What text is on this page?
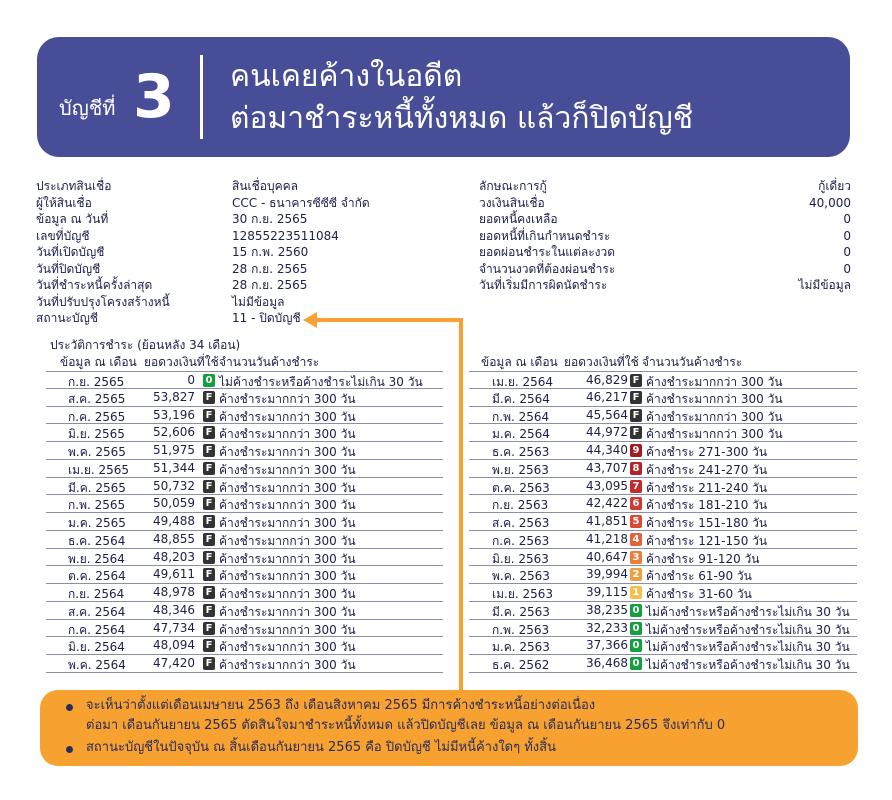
บัญชีที่ 3 คนเคยค้างในอดีต
ต่อมาชำระหนี้ทั้งหมด แล้วก็ปิดบัญชี
ประเภทสินเชื่อ	สินเชื่อบุคคล
ผู้ให้สินเชื่อ	CCC - ธนาคารซีซีซี จำกัด
ข้อมูล ณ วันที่	30 ก.ย. 2565
เลขที่บัญชี	12855223511084
วันที่เปิดบัญชี	15 ก.พ. 2560
วันที่ปิดบัญชี	28 ก.ย. 2565
วันที่ชำระหนี้ครั้งล่าสุด	28 ก.ย. 2565
วันที่ปรับปรุงโครงสร้างหนี้	ไม่มีข้อมูล
สถานะบัญชี	11 - ปิดบัญชี
ลักษณะการกู้	กู้เดี่ยว
วงเงินสินเชื่อ	40,000
ยอดหนี้คงเหลือ	0
ยอดหนี้ที่เกินกำหนดชำระ	0
ยอดผ่อนชำระในแต่ละงวด	0
จำนวนงวดที่ต้องผ่อนชำระ	0
วันที่เริ่มมีการผิดนัดชำระ	ไม่มีข้อมูล
ประวัติการชำระ (ย้อนหลัง 34 เดือน)
ข้อมูล ณ เดือน ยอดวงเงินที่ใช้ จำนวนวันค้างชำระ	ข้อมูล ณ เดือน ยอดวงเงินที่ใช้ จำนวนวันค้างชำระ
ก.ย. 2565	0 0 ไม่ค้างชำระหรือค้างชำระไม่เกิน 30 วัน
ส.ค. 2565 53,827 F ค้างชำระมากกว่า 300 วัน
ก.ค. 2565 53,196 F ค้างชำระมากกว่า 300 วัน
มิ.ย. 2565 52,606 F ค้างชำระมากกว่า 300 วัน
พ.ค. 2565 51,975 F ค้างชำระมากกว่า 300 วัน
เม.ย. 2565 51,344 F ค้างชำระมากกว่า 300 วัน
มี.ค. 2565 50,732 F ค้างชำระมากกว่า 300 วัน
ก.พ. 2565 50,059 F ค้างชำระมากกว่า 300 วัน
ม.ค. 2565 49,488 F ค้างชำระมากกว่า 300 วัน
ธ.ค. 2564 48,855 F ค้างชำระมากกว่า 300 วัน
พ.ย. 2564 48,203 F ค้างชำระมากกว่า 300 วัน
ต.ค. 2564 49,611 F ค้างชำระมากกว่า 300 วัน
ก.ย. 2564 48,978 F ค้างชำระมากกว่า 300 วัน
ส.ค. 2564 48,346 F ค้างชำระมากกว่า 300 วัน
ก.ค. 2564 47,734 F ค้างชำระมากกว่า 300 วัน
มิ.ย. 2564 48,094 F ค้างชำระมากกว่า 300 วัน
พ.ค. 2564 47,420 F ค้างชำระมากกว่า 300 วัน
เม.ย. 2564	46,829 F ค้างชำระมากกว่า 300 วัน
มี.ค. 2564	46,217 F ค้างชำระมากกว่า 300 วัน
ก.พ. 2564	45,564 F ค้างชำระมากกว่า 300 วัน
ม.ค. 2564	44,972 F ค้างชำระมากกว่า 300 วัน
ธ.ค. 2563	44,340 9 ค้างชำระ 271-300 วัน
พ.ย. 2563	43,707 8 ค้างชำระ 241-270 วัน
ต.ค. 2563	43,095 7 ค้างชำระ 211-240 วัน
ก.ย. 2563	42,422 6 ค้างชำระ 181-210 วัน
ส.ค. 2563	41,851 5 ค้างชำระ 151-180 วัน
ก.ค. 2563	41,218 4 ค้างชำระ 121-150 วัน
มิ.ย. 2563	40,647 3 ค้างชำระ 91-120 วัน
พ.ค. 2563	39,994 2 ค้างชำระ 61-90 วัน
เม.ย. 2563	39,115 1 ค้างชำระ 31-60 วัน
มี.ค. 2563	38,235 0 ไม่ค้างชำระหรือค้างชำระไม่เกิน 30 วัน
ก.พ. 2563	32,233 0 ไม่ค้างชำระหรือค้างชำระไม่เกิน 30 วัน
ม.ค. 2563	37,366 0 ไม่ค้างชำระหรือค้างชำระไม่เกิน 30 วัน
ธ.ค. 2562	36,468 0 ไม่ค้างชำระหรือค้างชำระไม่เกิน 30 วัน
จะเห็นว่าตั้งแต่เดือนเมษายน 2563 ถึง เดือนสิงหาคม 2565 มีการค้างชำระหนี้อย่างต่อเนื่อง
ต่อมา เดือนกันยายน 2565 ตัดสินใจมาชำระหนี้ทั้งหมด แล้วปิดบัญชีเลย ข้อมูล ณ เดือนกันยายน 2565 จึงเท่ากับ 0
สถานะบัญชีในปัจจุบัน ณ สิ้นเดือนกันยายน 2565 คือ ปิดบัญชี ไม่มีหนี้ค้างใดๆ ทั้งสิ้น
